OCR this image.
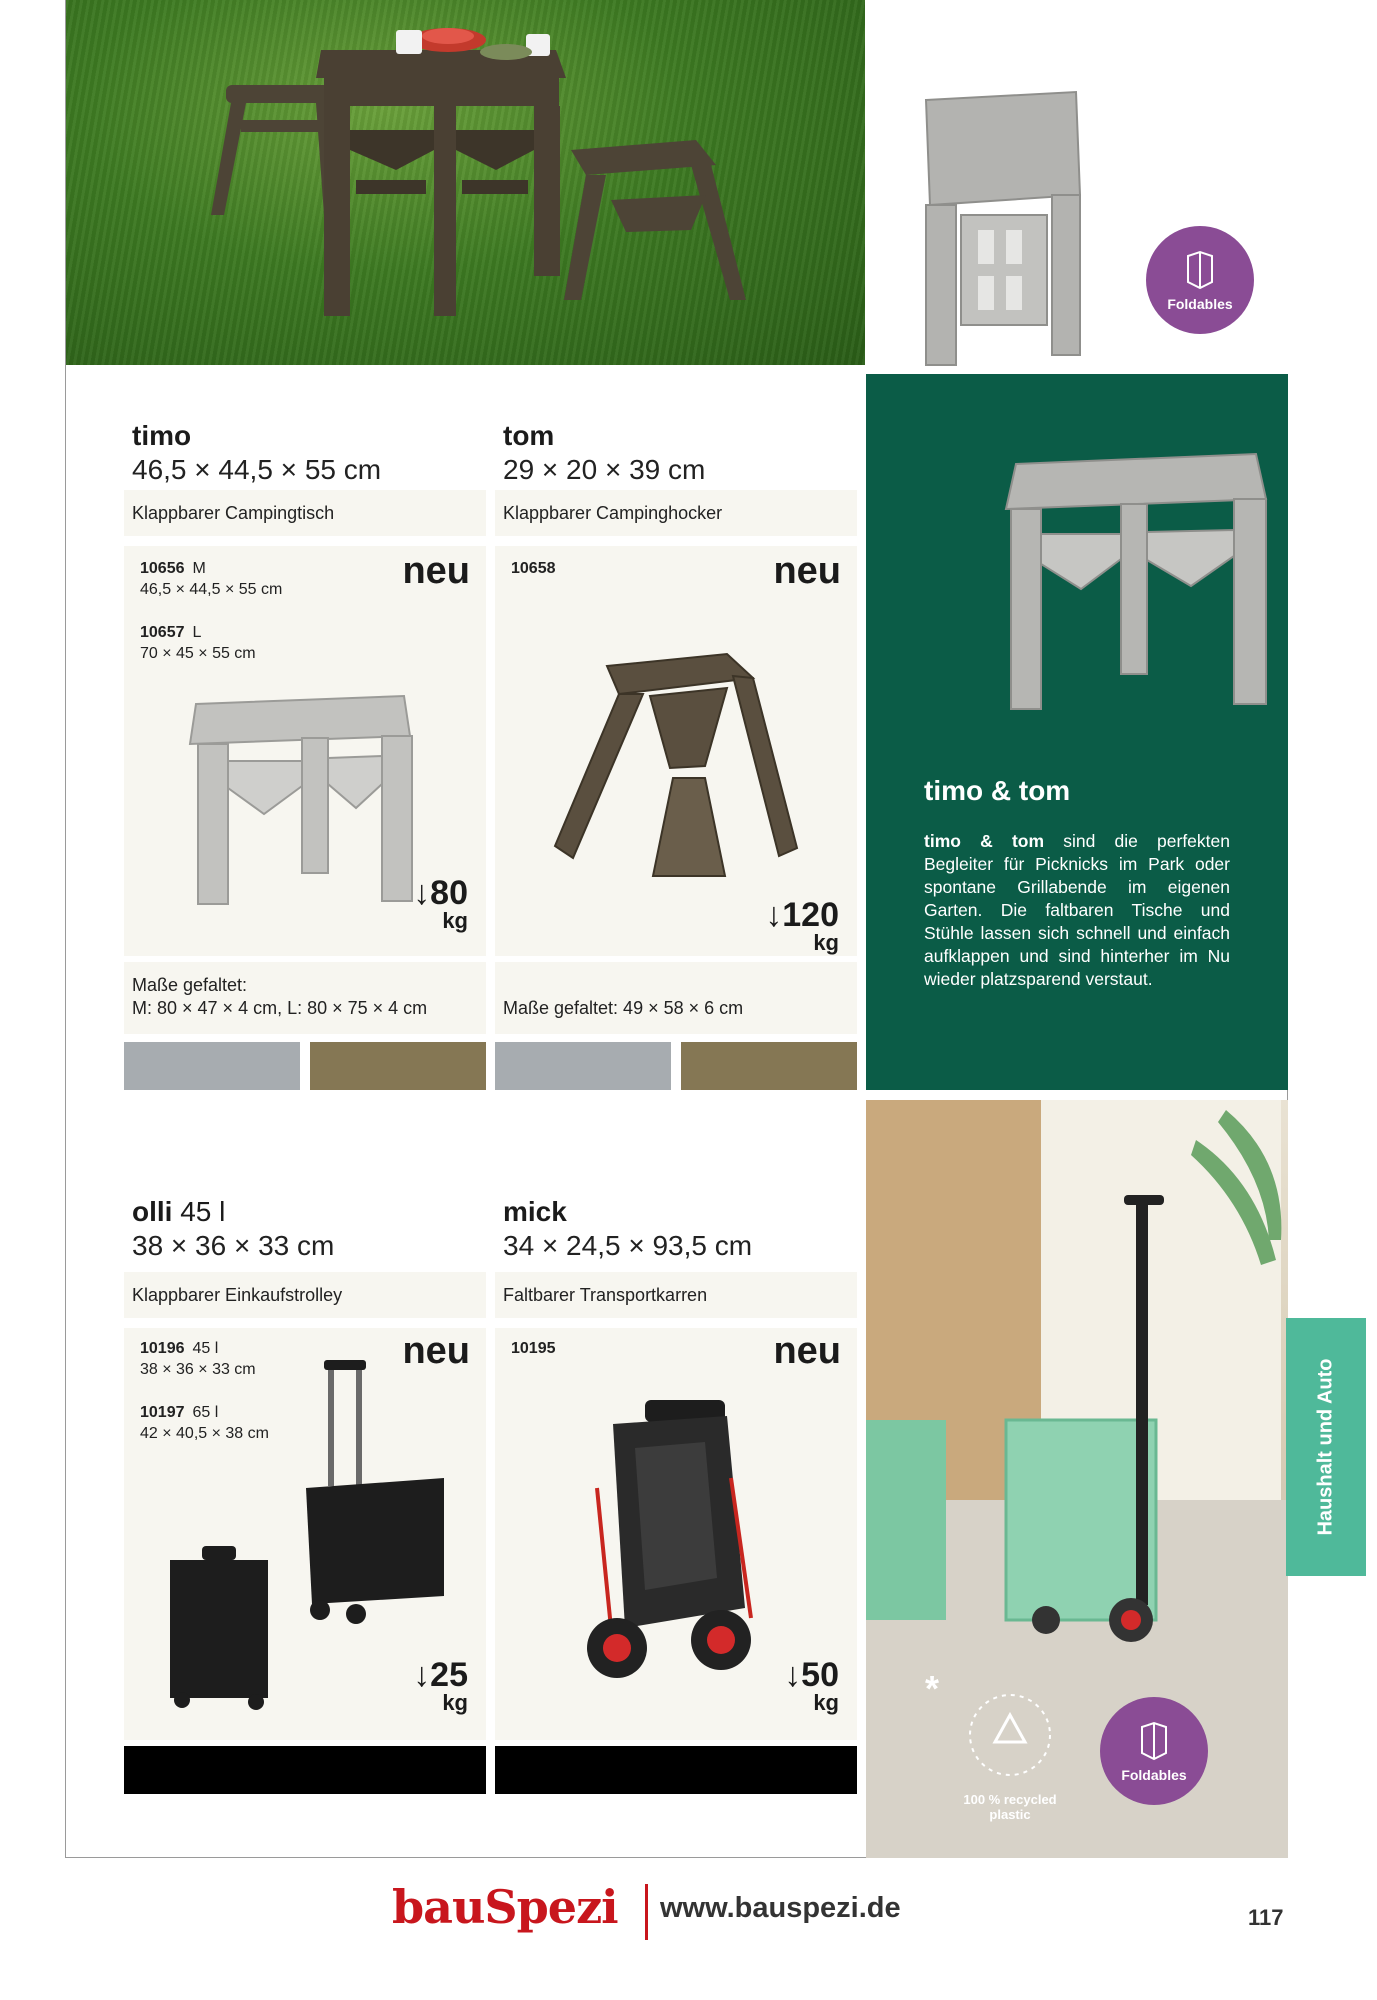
Foldables
timo & tom
timo & tom sind die perfekten Begleiter für Picknicks im Park oder spontane Grillabende im eigenen Garten. Die faltbaren Tische und Stühle lassen sich schnell und einfach aufklappen und sind hinterher im Nu wieder platzsparend verstaut.
*
100 % recycled plastic
Foldables
timo
46,5 × 44,5 × 55 cm
Klappbarer Campingtisch
10656 M
46,5 × 44,5 × 55 cm
10657 L
70 × 45 × 55 cm
neu
↓80
kg
Maße gefaltet:
M: 80 × 47 × 4 cm, L: 80 × 75 × 4 cm
tom
29 × 20 × 39 cm
Klappbarer Campinghocker
10658	neu
↓120
kg
Maße gefaltet: 49 × 58 × 6 cm
olli 45 l
38 × 36 × 33 cm
Klappbarer Einkaufstrolley
10196 45 l
38 × 36 × 33 cm
10197 65 l
42 × 40,5 × 38 cm
neu
↓25
kg
mick
34 × 24,5 × 93,5 cm
Faltbarer Transportkarren
10195	neu
↓50
kg
Haushalt und Auto
bauSpezi www.bauspezi.de	117
